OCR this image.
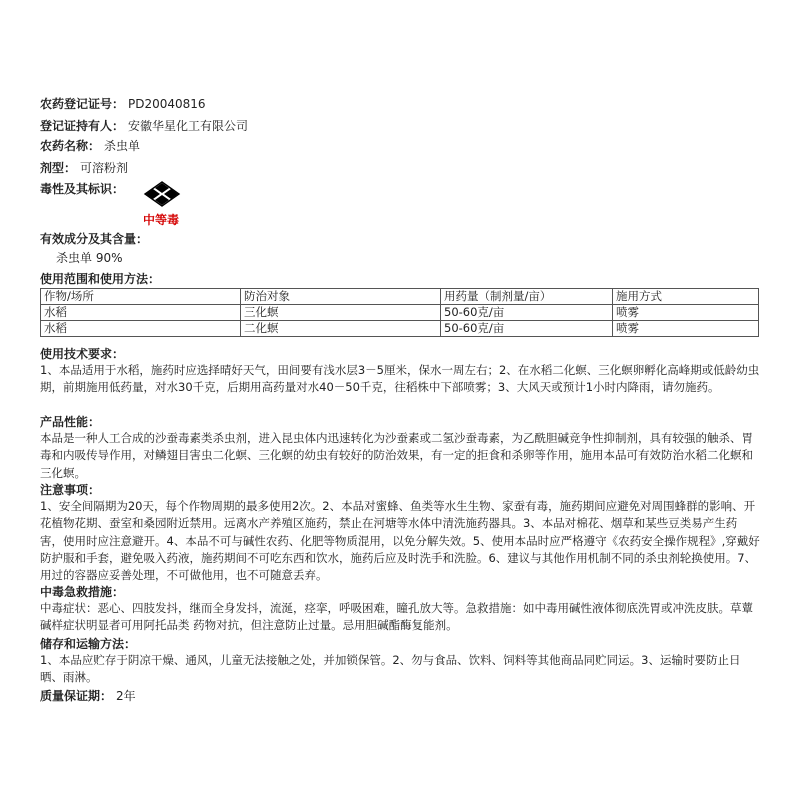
农药登记证号： PD20040816
登记证持有人： 安徽华星化工有限公司
农药名称： 杀虫单
剂型： 可溶粉剂
毒性及其标识：
中等毒
有效成分及其含量：
杀虫单 90%
使用范围和使用方法：
作物/场所	防治对象	用药量（制剂量/亩）	施用方式
水稻	三化螟	50-60克/亩	喷雾
水稻	二化螟	50-60克/亩	喷雾
使用技术要求：
1、本品适用于水稻，施药时应选择晴好天气，田间要有浅水层3－5厘米，保水一周左右；2、在水稻二化螟、三化螟卵孵化高峰期或低龄幼虫期，前期施用低药量，对水30千克，后期用高药量对水40－50千克，往稻株中下部喷雾；3、大风天或预计1小时内降雨，请勿施药。
产品性能：
本品是一种人工合成的沙蚕毒素类杀虫剂，进入昆虫体内迅速转化为沙蚕素或二氢沙蚕毒素，为乙酰胆碱竞争性抑制剂，具有较强的触杀、胃毒和内吸传导作用，对鳞翅目害虫二化螟、三化螟的幼虫有较好的防治效果，有一定的拒食和杀卵等作用，施用本品可有效防治水稻二化螟和三化螟。
注意事项：
1、安全间隔期为20天，每个作物周期的最多使用2次。2、本品对蜜蜂、鱼类等水生生物、家蚕有毒，施药期间应避免对周围蜂群的影响、开花植物花期、蚕室和桑园附近禁用。远离水产养殖区施药，禁止在河塘等水体中清洗施药器具。3、本品对棉花、烟草和某些豆类易产生药害，使用时应注意避开。4、本品不可与碱性农药、化肥等物质混用，以免分解失效。5、使用本品时应严格遵守《农药安全操作规程》,穿戴好防护服和手套，避免吸入药液，施药期间不可吃东西和饮水，施药后应及时洗手和洗脸。6、建议与其他作用机制不同的杀虫剂轮换使用。7、用过的容器应妥善处理，不可做他用，也不可随意丢弃。
中毒急救措施：
中毒症状：恶心、四肢发抖，继而全身发抖，流涎，痉挛，呼吸困难，瞳孔放大等。急救措施：如中毒用碱性液体彻底洗胃或冲洗皮肤。草蕈碱样症状明显者可用阿托品类 药物对抗，但注意防止过量。忌用胆碱酯酶复能剂。
储存和运输方法：
1、本品应贮存于阴凉干燥、通风，儿童无法接触之处，并加锁保管。2、勿与食品、饮料、饲料等其他商品同贮同运。3、运输时要防止日晒、雨淋。
质量保证期： 2年
